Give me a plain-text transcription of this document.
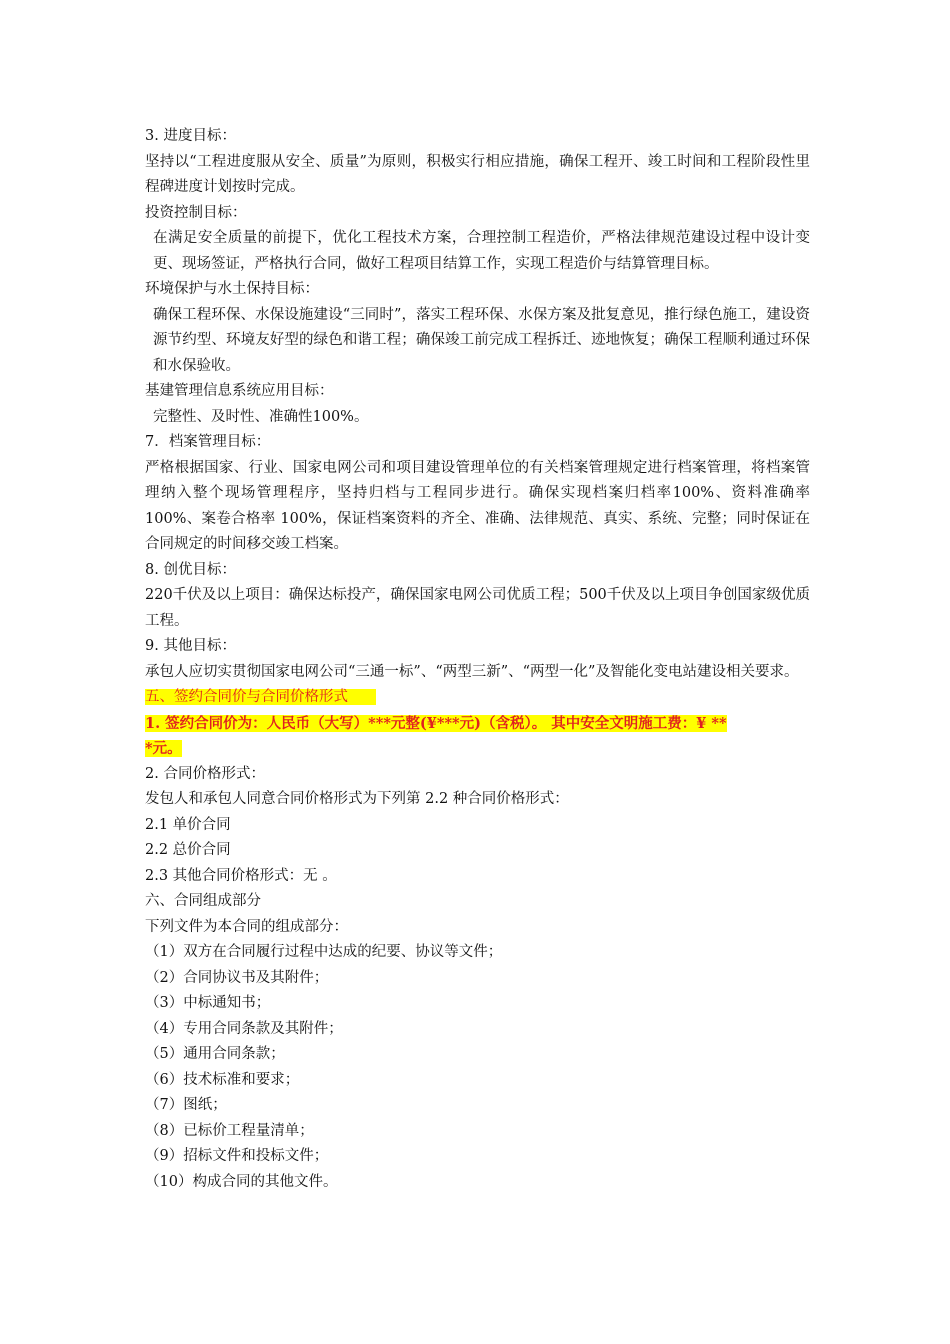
3. 进度目标：
坚持以“工程进度服从安全、质量”为原则，积极实行相应措施，确保工程开、竣工时间和工程阶段性里程碑进度计划按时完成。
投资控制目标：
在满足安全质量的前提下，优化工程技术方案，合理控制工程造价，严格法律规范建设过程中设计变更、现场签证，严格执行合同，做好工程项目结算工作，实现工程造价与结算管理目标。
环境保护与水土保持目标：
确保工程环保、水保设施建设“三同时”，落实工程环保、水保方案及批复意见，推行绿色施工，建设资源节约型、环境友好型的绿色和谐工程；确保竣工前完成工程拆迁、迹地恢复；确保工程顺利通过环保和水保验收。
基建管理信息系统应用目标：
完整性、及时性、准确性100%。
7．档案管理目标：
严格根据国家、行业、国家电网公司和项目建设管理单位的有关档案管理规定进行档案管理，将档案管理纳入整个现场管理程序，坚持归档与工程同步进行。确保实现档案归档率100%、资料准确率 100%、案卷合格率 100%，保证档案资料的齐全、准确、法律规范、真实、系统、完整；同时保证在合同规定的时间移交竣工档案。
8. 创优目标：
220千伏及以上项目：确保达标投产，确保国家电网公司优质工程；500千伏及以上项目争创国家级优质工程。
9. 其他目标：
承包人应切实贯彻国家电网公司“三通一标”、“两型三新”、“两型一化”及智能化变电站建设相关要求。
五、签约合同价与合同价格形式
1. 签约合同价为：人民币（大写）***元整(¥***元)（含税）。 其中安全文明施工费：¥ **
*元。
2. 合同价格形式：
发包人和承包人同意合同价格形式为下列第 2.2 种合同价格形式：
2.1 单价合同
2.2 总价合同
2.3 其他合同价格形式：无 。
六、合同组成部分
下列文件为本合同的组成部分：
（1）双方在合同履行过程中达成的纪要、协议等文件；
（2）合同协议书及其附件；
（3）中标通知书；
（4）专用合同条款及其附件；
（5）通用合同条款；
（6）技术标准和要求；
（7）图纸；
（8）已标价工程量清单；
（9）招标文件和投标文件；
（10）构成合同的其他文件。
